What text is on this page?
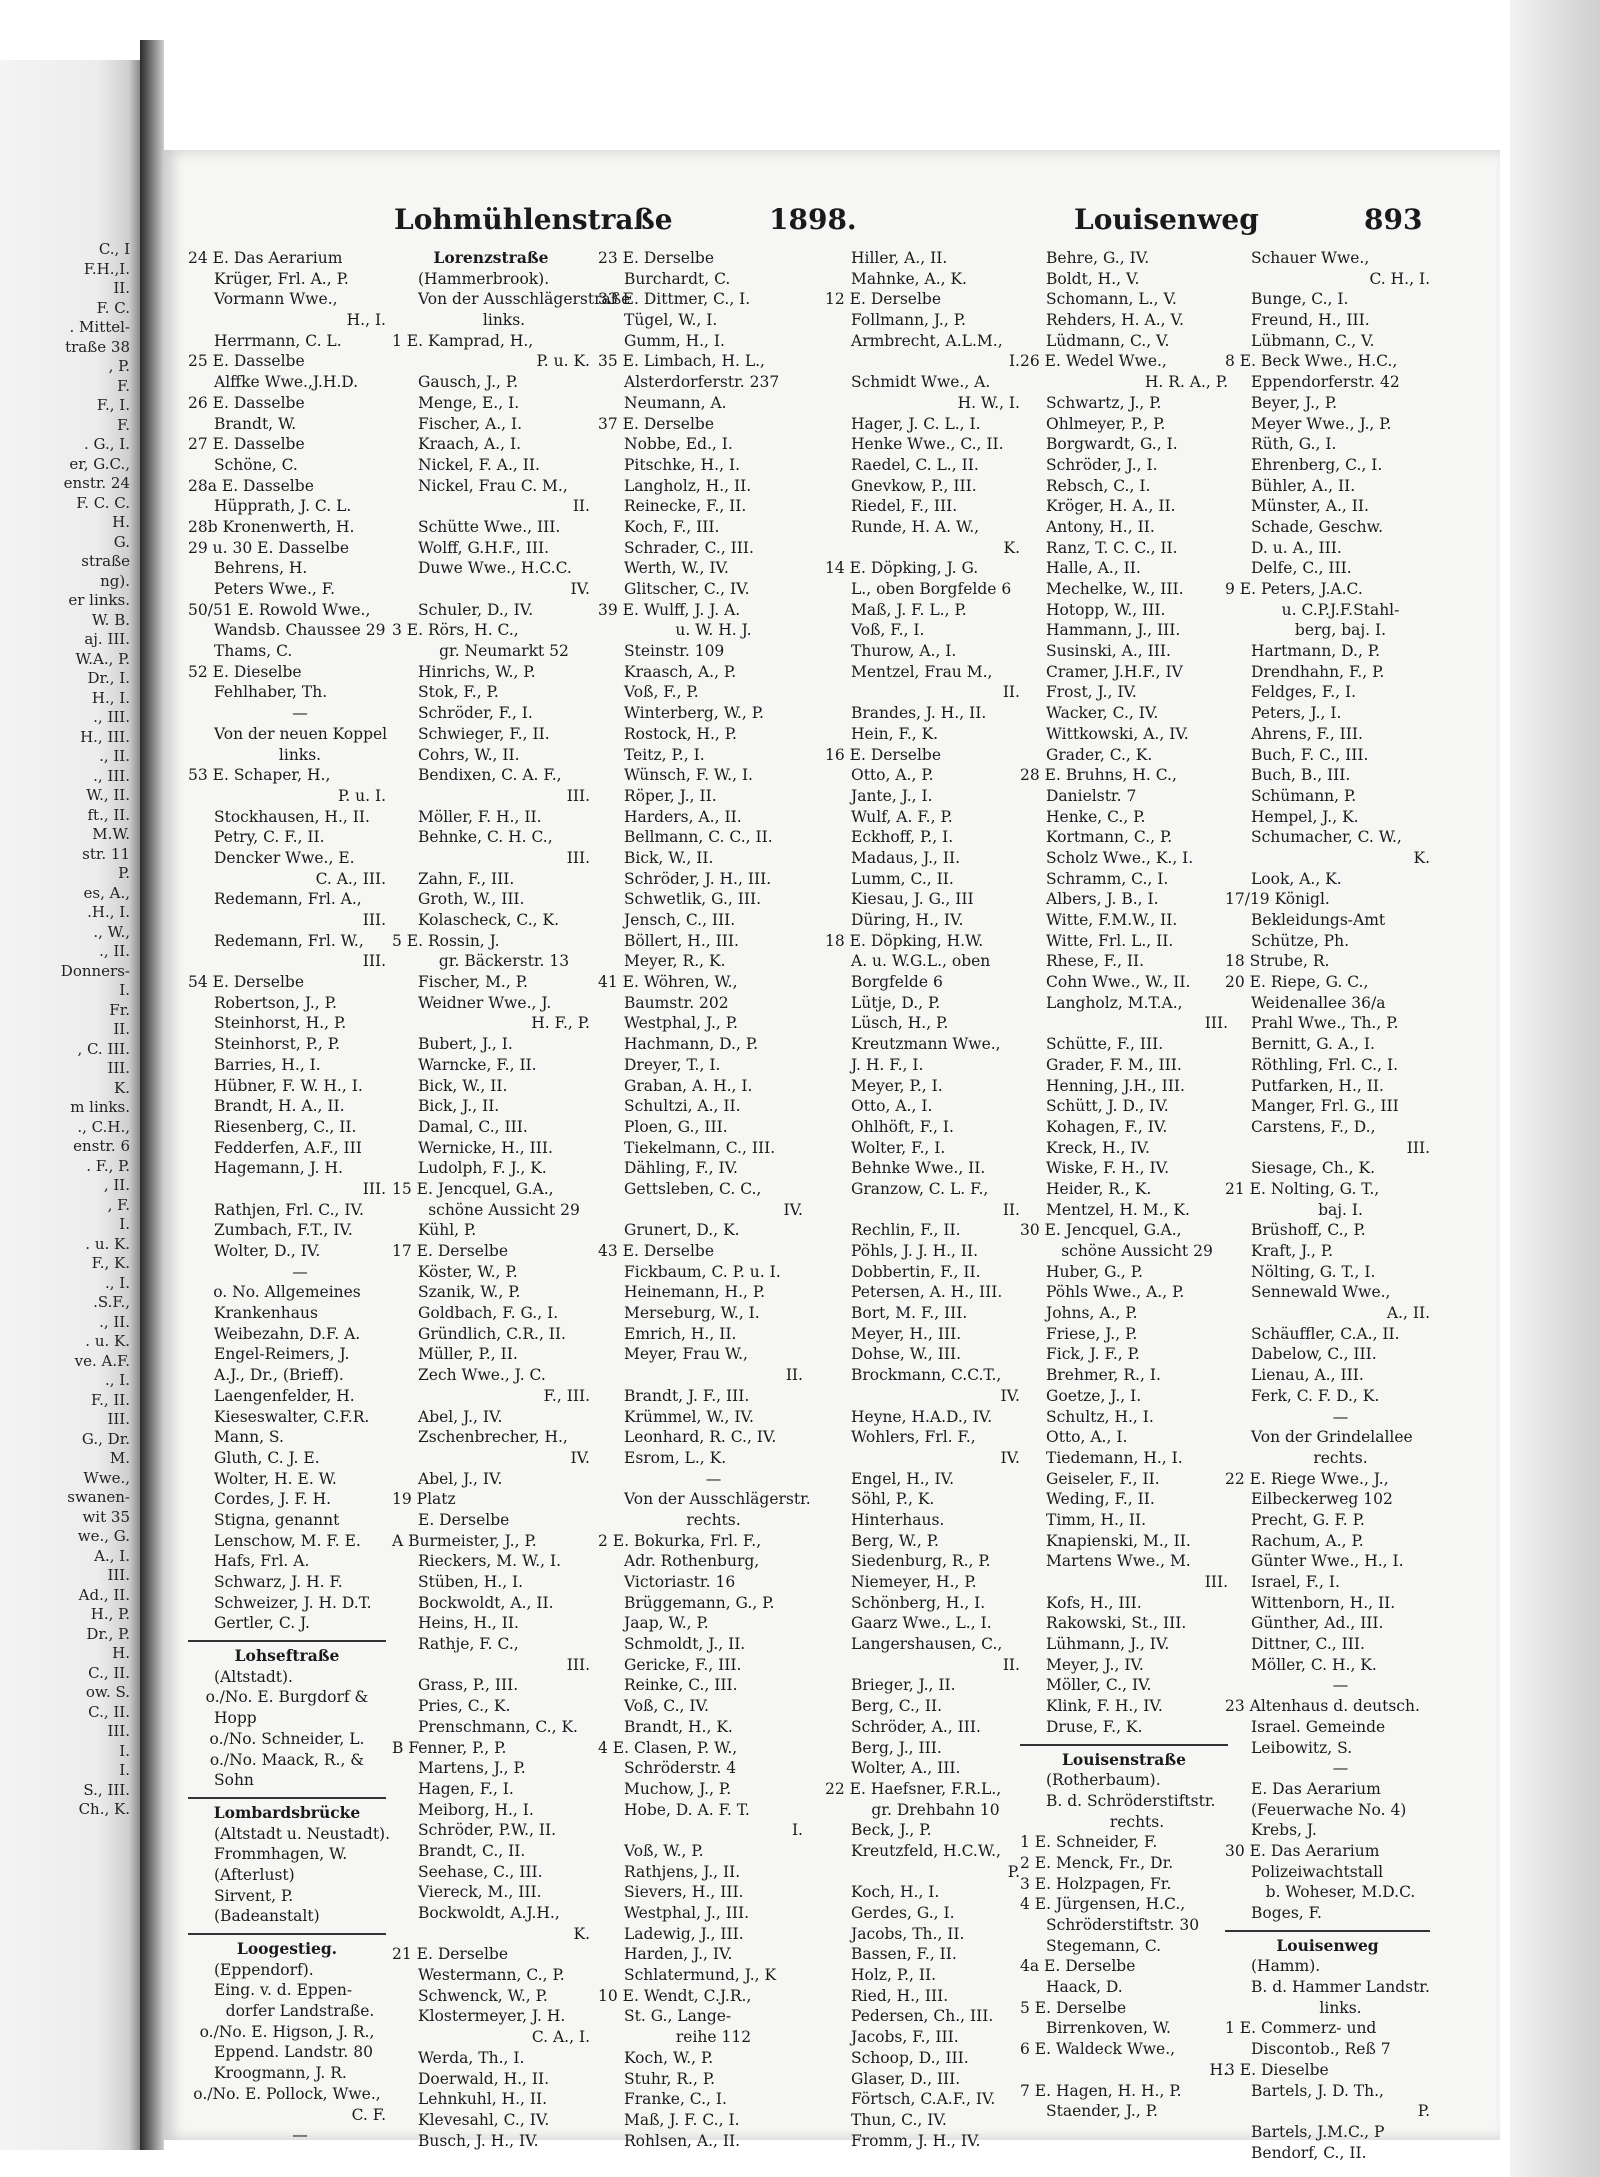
C., I
F.H.,I.
II.
F. C.
. Mittel-
traße 38
, P.
F.
F., I.
F.
. G., I.
er, G.C.,
enstr. 24
F. C. C.
H.
G.
straße
ng).
er links.
W. B.
aj. III.
W.A., P.
Dr., I.
H., I.
., III.
H., III.
., II.
., III.
W., II.
ft., II.
M.W.
str. 11
P.
es, A.,
.H., I.
., W.,
., II.
Donners-
I.
Fr.
II.
, C. III.
III.
K.
m links.
., C.H.,
enstr. 6
. F., P.
, II.
, F.
I.
. u. K.
F., K.
., I.
.S.F.,
., II.
. u. K.
ve. A.F.
., I.
F., II.
III.
G., Dr.
M.
Wwe.,
swanen-
wit 35
we., G.
A., I.
III.
Ad., II.
H., P.
Dr., P.
H.
C., II.
ow. S.
C., II.
III.
I.
I.
S., III.
Ch., K.
Lohmühlenstraße	1898.	Louisenweg	893
24 E. Das Aerarium
Krüger, Frl. A., P.
Vormann Wwe.,
H., I.
Herrmann, C. L.
25 E. Dasselbe
Alffke Wwe.,J.H.D.
26 E. Dasselbe
Brandt, W.
27 E. Dasselbe
Schöne, C.
28a E. Dasselbe
Hüpprath, J. C. L.
28b Kronenwerth, H.
29 u. 30 E. Dasselbe
Behrens, H.
Peters Wwe., F.
50/51 E. Rowold Wwe.,
Wandsb. Chaussee 29
Thams, C.
52 E. Dieselbe
Fehlhaber, Th.
—
Von der neuen Koppel
links.
53 E. Schaper, H.,
P. u. I.
Stockhausen, H., II.
Petry, C. F., II.
Dencker Wwe., E.
C. A., III.
Redemann, Frl. A.,
III.
Redemann, Frl. W.,
III.
54 E. Derselbe
Robertson, J., P.
Steinhorst, H., P.
Steinhorst, P., P.
Barries, H., I.
Hübner, F. W. H., I.
Brandt, H. A., II.
Riesenberg, C., II.
Fedderfen, A.F., III
Hagemann, J. H.
III.
Rathjen, Frl. C., IV.
Zumbach, F.T., IV.
Wolter, D., IV.
—
o. No. Allgemeines
Krankenhaus
Weibezahn, D.F. A.
Engel-Reimers, J.
A.J., Dr., (Brieff).
Laengenfelder, H.
Kieseswalter, C.F.R.
Mann, S.
Gluth, C. J. E.
Wolter, H. E. W.
Cordes, J. F. H.
Stigna, genannt
Lenschow, M. F. E.
Hafs, Frl. A.
Schwarz, J. H. F.
Schweizer, J. H. D.T.
Gertler, C. J.
Lohseftraße
(Altstadt).
o./No. E. Burgdorf &
Hopp
o./No. Schneider, L.
o./No. Maack, R., &
Sohn
Lombardsbrücke
(Altstadt u. Neustadt).
Frommhagen, W.
(Afterlust)
Sirvent, P.
(Badeanstalt)
Loogestieg.
(Eppendorf).
Eing. v. d. Eppen-
dorfer Landstraße.
o./No. E. Higson, J. R.,
Eppend. Landstr. 80
Kroogmann, J. R.
o./No. E. Pollock, Wwe.,
C. F.
—
Lorenzstraße
(Hammerbrook).
Von der Ausschlägerstraße
links.
1 E. Kamprad, H.,
P. u. K.
Gausch, J., P.
Menge, E., I.
Fischer, A., I.
Kraach, A., I.
Nickel, F. A., II.
Nickel, Frau C. M.,
II.
Schütte Wwe., III.
Wolff, G.H.F., III.
Duwe Wwe., H.C.C.
IV.
Schuler, D., IV.
3 E. Rörs, H. C.,
gr. Neumarkt 52
Hinrichs, W., P.
Stok, F., P.
Schröder, F., I.
Schwieger, F., II.
Cohrs, W., II.
Bendixen, C. A. F.,
III.
Möller, F. H., II.
Behnke, C. H. C.,
III.
Zahn, F., III.
Groth, W., III.
Kolascheck, C., K.
5 E. Rossin, J.
gr. Bäckerstr. 13
Fischer, M., P.
Weidner Wwe., J.
H. F., P.
Bubert, J., I.
Warncke, F., II.
Bick, W., II.
Bick, J., II.
Damal, C., III.
Wernicke, H., III.
Ludolph, F. J., K.
15 E. Jencquel, G.A.,
schöne Aussicht 29
Kühl, P.
17 E. Derselbe
Köster, W., P.
Szanik, W., P.
Goldbach, F. G., I.
Gründlich, C.R., II.
Müller, P., II.
Zech Wwe., J. C.
F., III.
Abel, J., IV.
Zschenbrecher, H.,
IV.
Abel, J., IV.
19 Platz
E. Derselbe
A Burmeister, J., P.
Rieckers, M. W., I.
Stüben, H., I.
Bockwoldt, A., II.
Heins, H., II.
Rathje, F. C.,
III.
Grass, P., III.
Pries, C., K.
Prenschmann, C., K.
B Fenner, P., P.
Martens, J., P.
Hagen, F., I.
Meiborg, H., I.
Schröder, P.W., II.
Brandt, C., II.
Seehase, C., III.
Viereck, M., III.
Bockwoldt, A.J.H.,
K.
21 E. Derselbe
Westermann, C., P.
Schwenck, W., P.
Klostermeyer, J. H.
C. A., I.
Werda, Th., I.
Doerwald, H., II.
Lehnkuhl, H., II.
Klevesahl, C., IV.
Busch, J. H., IV.
23 E. Derselbe
Burchardt, C.
33 E. Dittmer, C., I.
Tügel, W., I.
Gumm, H., I.
35 E. Limbach, H. L.,
Alsterdorferstr. 237
Neumann, A.
37 E. Derselbe
Nobbe, Ed., I.
Pitschke, H., I.
Langholz, H., II.
Reinecke, F., II.
Koch, F., III.
Schrader, C., III.
Werth, W., IV.
Glitscher, C., IV.
39 E. Wulff, J. J. A.
u. W. H. J.
Steinstr. 109
Kraasch, A., P.
Voß, F., P.
Winterberg, W., P.
Rostock, H., P.
Teitz, P., I.
Wünsch, F. W., I.
Röper, J., II.
Harders, A., II.
Bellmann, C. C., II.
Bick, W., II.
Schröder, J. H., III.
Schwetlik, G., III.
Jensch, C., III.
Böllert, H., III.
Meyer, R., K.
41 E. Wöhren, W.,
Baumstr. 202
Westphal, J., P.
Hachmann, D., P.
Dreyer, T., I.
Graban, A. H., I.
Schultzi, A., II.
Ploen, G., III.
Tiekelmann, C., III.
Dähling, F., IV.
Gettsleben, C. C.,
IV.
Grunert, D., K.
43 E. Derselbe
Fickbaum, C. P. u. I.
Heinemann, H., P.
Merseburg, W., I.
Emrich, H., II.
Meyer, Frau W.,
II.
Brandt, J. F., III.
Krümmel, W., IV.
Leonhard, R. C., IV.
Esrom, L., K.
—
Von der Ausschlägerstr.
rechts.
2 E. Bokurka, Frl. F.,
Adr. Rothenburg,
Victoriastr. 16
Brüggemann, G., P.
Jaap, W., P.
Schmoldt, J., II.
Gericke, F., III.
Reinke, C., III.
Voß, C., IV.
Brandt, H., K.
4 E. Clasen, P. W.,
Schröderstr. 4
Muchow, J., P.
Hobe, D. A. F. T.
I.
Voß, W., P.
Rathjens, J., II.
Sievers, H., III.
Westphal, J., III.
Ladewig, J., III.
Harden, J., IV.
Schlatermund, J., K
10 E. Wendt, C.J.R.,
St. G., Lange-
reihe 112
Koch, W., P.
Stuhr, R., P.
Franke, C., I.
Maß, J. F. C., I.
Rohlsen, A., II.
Hiller, A., II.
Mahnke, A., K.
12 E. Derselbe
Follmann, J., P.
Armbrecht, A.L.M.,
I.
Schmidt Wwe., A.
H. W., I.
Hager, J. C. L., I.
Henke Wwe., C., II.
Raedel, C. L., II.
Gnevkow, P., III.
Riedel, F., III.
Runde, H. A. W.,
K.
14 E. Döpking, J. G.
L., oben Borgfelde 6
Maß, J. F. L., P.
Voß, F., I.
Thurow, A., I.
Mentzel, Frau M.,
II.
Brandes, J. H., II.
Hein, F., K.
16 E. Derselbe
Otto, A., P.
Jante, J., I.
Wulf, A. F., P.
Eckhoff, P., I.
Madaus, J., II.
Lumm, C., II.
Kiesau, J. G., III
Düring, H., IV.
18 E. Döpking, H.W.
A. u. W.G.L., oben
Borgfelde 6
Lütje, D., P.
Lüsch, H., P.
Kreutzmann Wwe.,
J. H. F., I.
Meyer, P., I.
Otto, A., I.
Ohlhöft, F., I.
Wolter, F., I.
Behnke Wwe., II.
Granzow, C. L. F.,
II.
Rechlin, F., II.
Pöhls, J. J. H., II.
Dobbertin, F., II.
Petersen, A. H., III.
Bort, M. F., III.
Meyer, H., III.
Dohse, W., III.
Brockmann, C.C.T.,
IV.
Heyne, H.A.D., IV.
Wohlers, Frl. F.,
IV.
Engel, H., IV.
Söhl, P., K.
Hinterhaus.
Berg, W., P.
Siedenburg, R., P.
Niemeyer, H., P.
Schönberg, H., I.
Gaarz Wwe., L., I.
Langershausen, C.,
II.
Brieger, J., II.
Berg, C., II.
Schröder, A., III.
Berg, J., III.
Wolter, A., III.
22 E. Haefsner, F.R.L.,
gr. Drehbahn 10
Beck, J., P.
Kreutzfeld, H.C.W.,
P.
Koch, H., I.
Gerdes, G., I.
Jacobs, Th., II.
Bassen, F., II.
Holz, P., II.
Ried, H., III.
Pedersen, Ch., III.
Jacobs, F., III.
Schoop, D., III.
Glaser, D., III.
Förtsch, C.A.F., IV.
Thun, C., IV.
Fromm, J. H., IV.
Behre, G., IV.
Boldt, H., V.
Schomann, L., V.
Rehders, H. A., V.
Lüdmann, C., V.
26 E. Wedel Wwe.,
H. R. A., P.
Schwartz, J., P.
Ohlmeyer, P., P.
Borgwardt, G., I.
Schröder, J., I.
Rebsch, C., I.
Kröger, H. A., II.
Antony, H., II.
Ranz, T. C. C., II.
Halle, A., II.
Mechelke, W., III.
Hotopp, W., III.
Hammann, J., III.
Susinski, A., III.
Cramer, J.H.F., IV
Frost, J., IV.
Wacker, C., IV.
Wittkowski, A., IV.
Grader, C., K.
28 E. Bruhns, H. C.,
Danielstr. 7
Henke, C., P.
Kortmann, C., P.
Scholz Wwe., K., I.
Schramm, C., I.
Albers, J. B., I.
Witte, F.M.W., II.
Witte, Frl. L., II.
Rhese, F., II.
Cohn Wwe., W., II.
Langholz, M.T.A.,
III.
Schütte, F., III.
Grader, F. M., III.
Henning, J.H., III.
Schütt, J. D., IV.
Kohagen, F., IV.
Kreck, H., IV.
Wiske, F. H., IV.
Heider, R., K.
Mentzel, H. M., K.
30 E. Jencquel, G.A.,
schöne Aussicht 29
Huber, G., P.
Pöhls Wwe., A., P.
Johns, A., P.
Friese, J., P.
Fick, J. F., P.
Brehmer, R., I.
Goetze, J., I.
Schultz, H., I.
Otto, A., I.
Tiedemann, H., I.
Geiseler, F., II.
Weding, F., II.
Timm, H., II.
Knapienski, M., II.
Martens Wwe., M.
III.
Kofs, H., III.
Rakowski, St., III.
Lühmann, J., IV.
Meyer, J., IV.
Möller, C., IV.
Klink, F. H., IV.
Druse, F., K.
Louisenstraße
(Rotherbaum).
B. d. Schröderstiftstr.
rechts.
1 E. Schneider, F.
2 E. Menck, Fr., Dr.
3 E. Holzpagen, Fr.
4 E. Jürgensen, H.C.,
Schröderstiftstr. 30
Stegemann, C.
4a E. Derselbe
Haack, D.
5 E. Derselbe
Birrenkoven, W.
6 E. Waldeck Wwe.,
H.
7 E. Hagen, H. H., P.
Staender, J., P.
Schauer Wwe.,
C. H., I.
Bunge, C., I.
Freund, H., III.
Lübmann, C., V.
8 E. Beck Wwe., H.C.,
Eppendorferstr. 42
Beyer, J., P.
Meyer Wwe., J., P.
Rüth, G., I.
Ehrenberg, C., I.
Bühler, A., II.
Münster, A., II.
Schade, Geschw.
D. u. A., III.
Delfe, C., III.
9 E. Peters, J.A.C.
u. C.P.J.F.Stahl-
berg, baj. I.
Hartmann, D., P.
Drendhahn, F., P.
Feldges, F., I.
Peters, J., I.
Ahrens, F., III.
Buch, F. C., III.
Buch, B., III.
Schümann, P.
Hempel, J., K.
Schumacher, C. W.,
K.
Look, A., K.
17/19 Königl.
Bekleidungs-Amt
Schütze, Ph.
18 Strube, R.
20 E. Riepe, G. C.,
Weidenallee 36/a
Prahl Wwe., Th., P.
Bernitt, G. A., I.
Röthling, Frl. C., I.
Putfarken, H., II.
Manger, Frl. G., III
Carstens, F., D.,
III.
Siesage, Ch., K.
21 E. Nolting, G. T.,
baj. I.
Brüshoff, C., P.
Kraft, J., P.
Nölting, G. T., I.
Sennewald Wwe.,
A., II.
Schäuffler, C.A., II.
Dabelow, C., III.
Lienau, A., III.
Ferk, C. F. D., K.
—
Von der Grindelallee
rechts.
22 E. Riege Wwe., J.,
Eilbeckerweg 102
Precht, G. F. P.
Rachum, A., P.
Günter Wwe., H., I.
Israel, F., I.
Wittenborn, H., II.
Günther, Ad., III.
Dittner, C., III.
Möller, C. H., K.
—
23 Altenhaus d. deutsch.
Israel. Gemeinde
Leibowitz, S.
—
E. Das Aerarium
(Feuerwache No. 4)
Krebs, J.
30 E. Das Aerarium
Polizeiwachtstall
b. Woheser, M.D.C.
Boges, F.
Louisenweg
(Hamm).
B. d. Hammer Landstr.
links.
1 E. Commerz- und
Discontob., Reß 7
3 E. Dieselbe
Bartels, J. D. Th.,
P.
Bartels, J.M.C., P
Bendorf, C., II.
